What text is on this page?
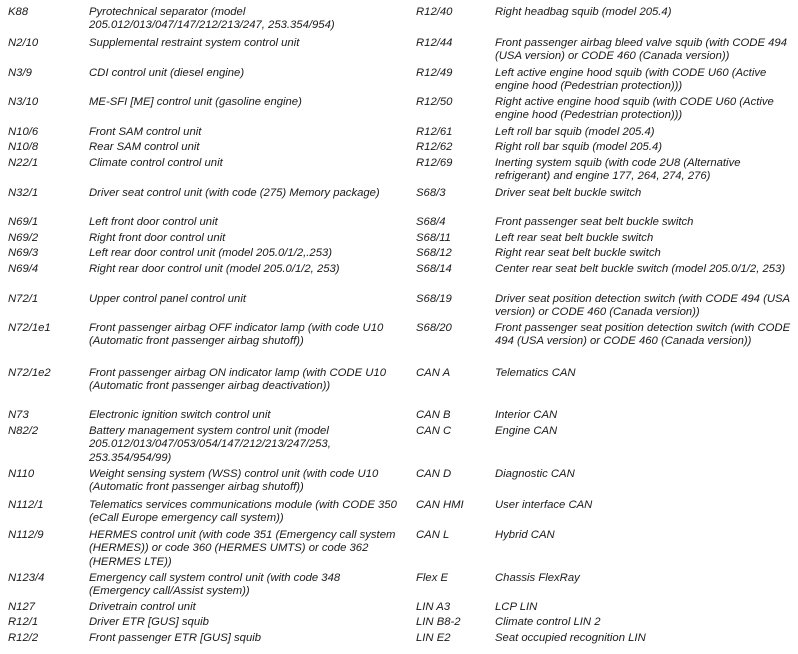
K88	Pyrotechnical separator (model 205.012/013/047/147/212/213/247, 253.354/954)
N2/10	Supplemental restraint system control unit
N3/9	CDI control unit (diesel engine)
N3/10	ME-SFI [ME] control unit (gasoline engine)
N10/6	Front SAM control unit
N10/8	Rear SAM control unit
N22/1	Climate control control unit
N32/1	Driver seat control unit (with code (275) Memory package)
N69/1	Left front door control unit
N69/2	Right front door control unit
N69/3	Left rear door control unit (model 205.0/1/2,.253)
N69/4	Right rear door control unit (model 205.0/1/2, 253)
N72/1	Upper control panel control unit
N72/1e1	Front passenger airbag OFF indicator lamp (with code U10 (Automatic front passenger airbag shutoff))
N72/1e2	Front passenger airbag ON indicator lamp (with CODE U10 (Automatic front passenger airbag deactivation))
N73	Electronic ignition switch control unit
N82/2	Battery management system control unit (model 205.012/013/047/053/054/147/212/213/247/253, 253.354/954/99)
N110	Weight sensing system (WSS) control unit (with code U10 (Automatic front passenger airbag shutoff))
N112/1	Telematics services communications module (with CODE 350 (eCall Europe emergency call system))
N112/9	HERMES control unit (with code 351 (Emergency call system (HERMES)) or code 360 (HERMES UMTS) or code 362 (HERMES LTE))
N123/4	Emergency call system control unit (with code 348 (Emergency call/Assist system))
N127	Drivetrain control unit
R12/1	Driver ETR [GUS] squib
R12/2	Front passenger ETR [GUS] squib
R12/40	Right headbag squib (model 205.4)
R12/44	Front passenger airbag bleed valve squib (with CODE 494 (USA version) or CODE 460 (Canada version))
R12/49	Left active engine hood squib (with CODE U60 (Active engine hood (Pedestrian protection)))
R12/50	Right active engine hood squib (with CODE U60 (Active engine hood (Pedestrian protection)))
R12/61	Left roll bar squib (model 205.4)
R12/62	Right roll bar squib (model 205.4)
R12/69	Inerting system squib (with code 2U8 (Alternative refrigerant) and engine 177, 264, 274, 276)
S68/3	Driver seat belt buckle switch
S68/4	Front passenger seat belt buckle switch
S68/11	Left rear seat belt buckle switch
S68/12	Right rear seat belt buckle switch
S68/14	Center rear seat belt buckle switch (model 205.0/1/2, 253)
S68/19	Driver seat position detection switch (with CODE 494 (USA version) or CODE 460 (Canada version))
S68/20	Front passenger seat position detection switch (with CODE 494 (USA version) or CODE 460 (Canada version))
CAN A	Telematics CAN
CAN B	Interior CAN
CAN C	Engine CAN
CAN D	Diagnostic CAN
CAN HMI	User interface CAN
CAN L	Hybrid CAN
Flex E	Chassis FlexRay
LIN A3	LCP LIN
LIN B8-2	Climate control LIN 2
LIN E2	Seat occupied recognition LIN
